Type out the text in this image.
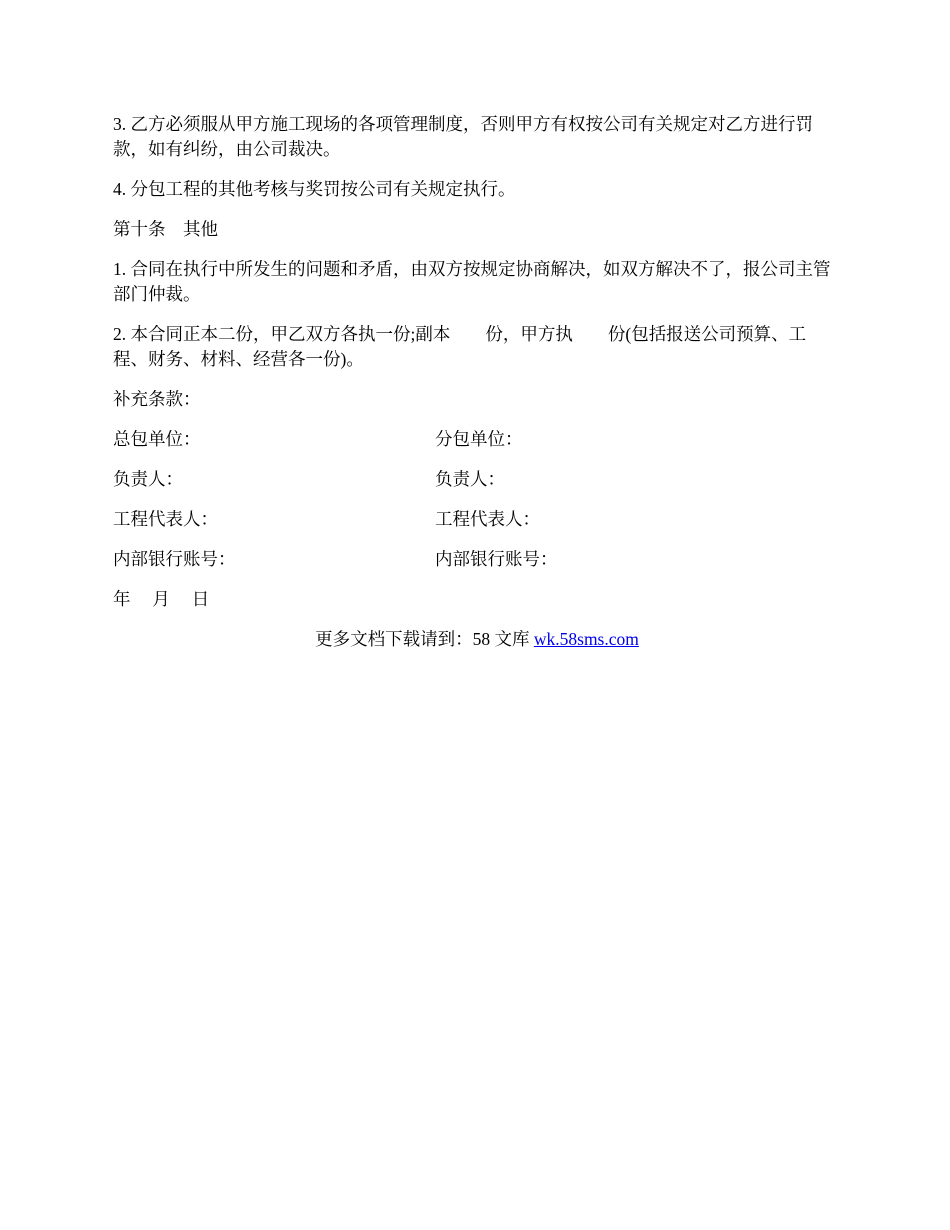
3. 乙方必须服从甲方施工现场的各项管理制度，否则甲方有权按公司有关规定对乙方进行罚款，如有纠纷，由公司裁决。

4. 分包工程的其他考核与奖罚按公司有关规定执行。

第十条　其他

1. 合同在执行中所发生的问题和矛盾，由双方按规定协商解决，如双方解决不了，报公司主管部门仲裁。

2. 本合同正本二份，甲乙双方各执一份;副本　　份，甲方执　　份(包括报送公司预算、工程、财务、材料、经营各一份)。

补充条款：

总包单位：	分包单位：
负责人：	负责人：
工程代表人：	工程代表人：
内部银行账号：	内部银行账号：

年　 月　 日

更多文档下载请到：58 文库 wk.58sms.com
